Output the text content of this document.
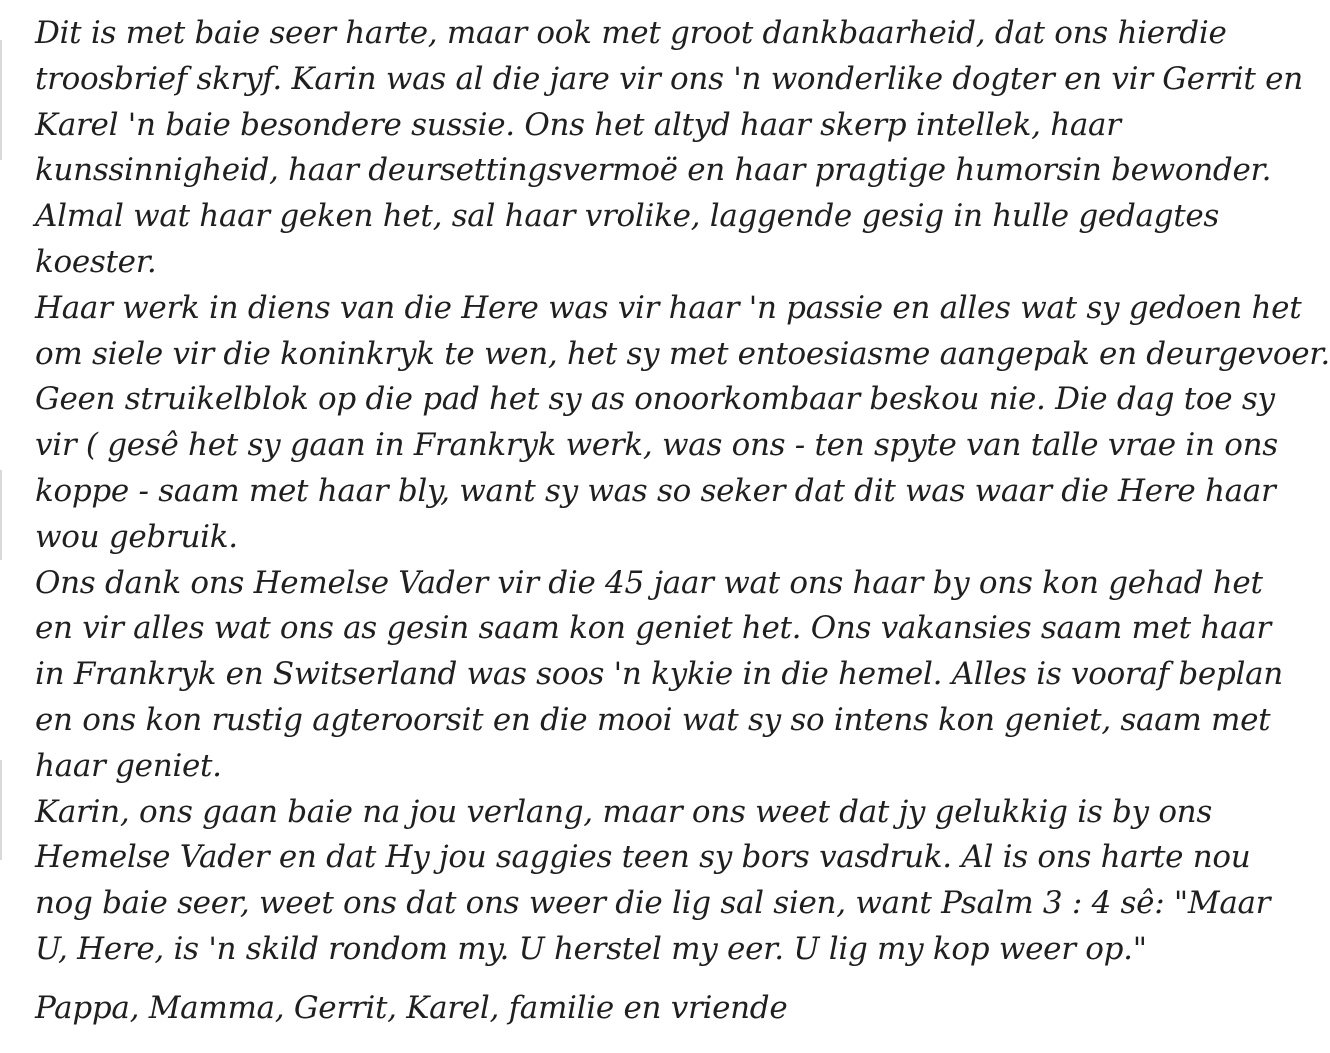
Dit is met baie seer harte, maar ook met groot dankbaarheid, dat ons hierdie
troosbrief skryf. Karin was al die jare vir ons 'n wonderlike dogter en vir Gerrit en
Karel 'n baie besondere sussie. Ons het altyd haar skerp intellek, haar
kunssinnigheid, haar deursettingsvermoë en haar pragtige humorsin bewonder.
Almal wat haar geken het, sal haar vrolike, laggende gesig in hulle gedagtes
koester.
Haar werk in diens van die Here was vir haar 'n passie en alles wat sy gedoen het
om siele vir die koninkryk te wen, het sy met entoesiasme aangepak en deurgevoer.
Geen struikelblok op die pad het sy as onoorkombaar beskou nie. Die dag toe sy
vir ( gesê het sy gaan in Frankryk werk, was ons - ten spyte van talle vrae in ons
koppe - saam met haar bly, want sy was so seker dat dit was waar die Here haar
wou gebruik.
Ons dank ons Hemelse Vader vir die 45 jaar wat ons haar by ons kon gehad het
en vir alles wat ons as gesin saam kon geniet het. Ons vakansies saam met haar
in Frankryk en Switserland was soos 'n kykie in die hemel. Alles is vooraf beplan
en ons kon rustig agteroorsit en die mooi wat sy so intens kon geniet, saam met
haar geniet.
Karin, ons gaan baie na jou verlang, maar ons weet dat jy gelukkig is by ons
Hemelse Vader en dat Hy jou saggies teen sy bors vasdruk. Al is ons harte nou
nog baie seer, weet ons dat ons weer die lig sal sien, want Psalm 3 : 4 sê: "Maar
U, Here, is 'n skild rondom my. U herstel my eer. U lig my kop weer op."
Pappa, Mamma, Gerrit, Karel, familie en vriende
